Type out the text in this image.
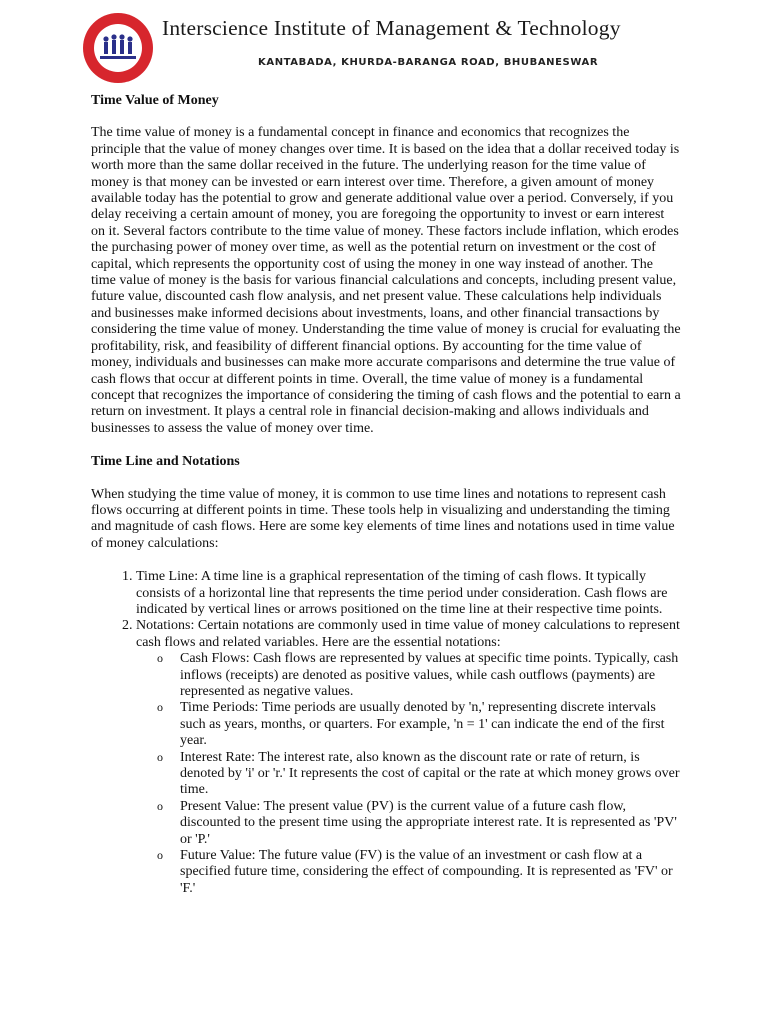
Interscience Institute of Management & Technology
KANTABADA, KHURDA-BARANGA ROAD, BHUBANESWAR
Time Value of Money

The time value of money is a fundamental concept in finance and economics that recognizes the principle that the value of money changes over time. It is based on the idea that a dollar received today is worth more than the same dollar received in the future. The underlying reason for the time value of money is that money can be invested or earn interest over time. Therefore, a given amount of money available today has the potential to grow and generate additional value over a period. Conversely, if you delay receiving a certain amount of money, you are foregoing the opportunity to invest or earn interest on it. Several factors contribute to the time value of money. These factors include inflation, which erodes the purchasing power of money over time, as well as the potential return on investment or the cost of capital, which represents the opportunity cost of using the money in one way instead of another. The time value of money is the basis for various financial calculations and concepts, including present value, future value, discounted cash flow analysis, and net present value. These calculations help individuals and businesses make informed decisions about investments, loans, and other financial transactions by considering the time value of money. Understanding the time value of money is crucial for evaluating the profitability, risk, and feasibility of different financial options. By accounting for the time value of money, individuals and businesses can make more accurate comparisons and determine the true value of cash flows that occur at different points in time. Overall, the time value of money is a fundamental concept that recognizes the importance of considering the timing of cash flows and the potential to earn a return on investment. It plays a central role in financial decision-making and allows individuals and businesses to assess the value of money over time.

Time Line and Notations

When studying the time value of money, it is common to use time lines and notations to represent cash flows occurring at different points in time. These tools help in visualizing and understanding the timing and magnitude of cash flows. Here are some key elements of time lines and notations used in time value of money calculations:

1. Time Line: A time line is a graphical representation of the timing of cash flows. It typically consists of a horizontal line that represents the time period under consideration. Cash flows are indicated by vertical lines or arrows positioned on the time line at their respective time points.
2. Notations: Certain notations are commonly used in time value of money calculations to represent cash flows and related variables. Here are the essential notations:
o Cash Flows: Cash flows are represented by values at specific time points. Typically, cash inflows (receipts) are denoted as positive values, while cash outflows (payments) are represented as negative values.
o Time Periods: Time periods are usually denoted by 'n,' representing discrete intervals such as years, months, or quarters. For example, 'n = 1' can indicate the end of the first year.
o Interest Rate: The interest rate, also known as the discount rate or rate of return, is denoted by 'i' or 'r.' It represents the cost of capital or the rate at which money grows over time.
o Present Value: The present value (PV) is the current value of a future cash flow, discounted to the present time using the appropriate interest rate. It is represented as 'PV' or 'P.'
o Future Value: The future value (FV) is the value of an investment or cash flow at a specified future time, considering the effect of compounding. It is represented as 'FV' or 'F.'
